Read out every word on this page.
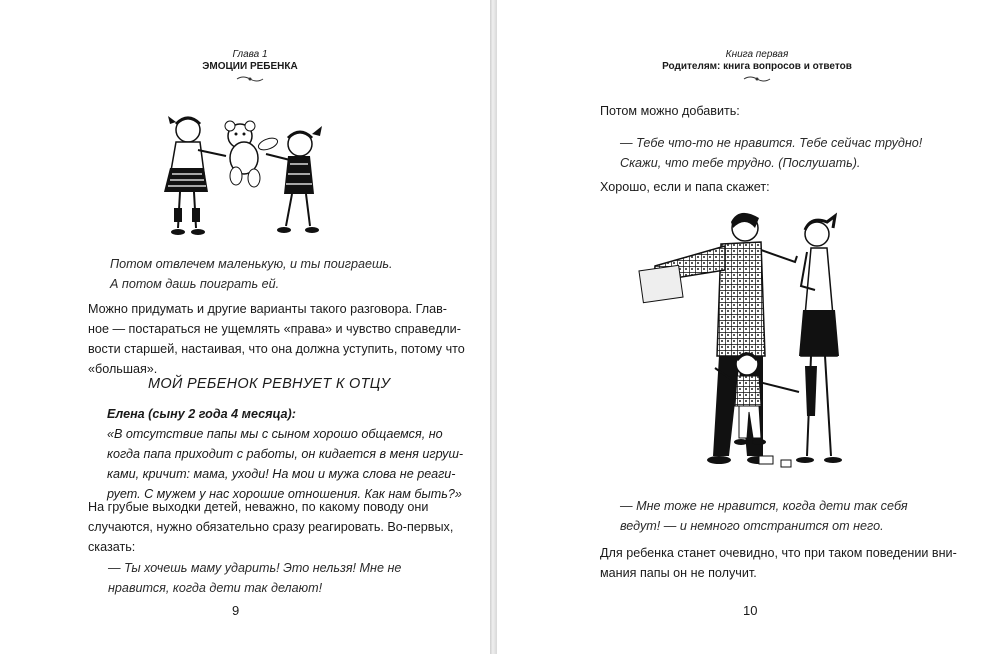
Глава 1
ЭМОЦИИ РЕБЕНКА

Потом отвлечем маленькую, и ты поиграешь.

А потом дашь поиграть ей.

Можно придумать и другие варианты такого разговора. Глав-

ное — постараться не ущемлять «права» и чувство справедли-

вости старшей, настаивая, что она должна уступить, потому что

«большая».

МОЙ РЕБЕНОК РЕВНУЕТ К ОТЦУ

Елена (сыну 2 года 4 месяца):

«В отсутствие папы мы с сыном хорошо общаемся, но

когда папа приходит с работы, он кидается в меня игруш-

ками, кричит: мама, уходи! На мои и мужа слова не реаги-

рует. С мужем у нас хорошие отношения. Как нам быть?»

На грубые выходки детей, неважно, по какому поводу они

случаются, нужно обязательно сразу реагировать. Во-первых,

сказать:

— Ты хочешь маму ударить! Это нельзя! Мне не

нравится, когда дети так делают!

9
Книга первая
Родителям: книга вопросов и ответов
Потом можно добавить:

— Тебе что-то не нравится. Тебе сейчас трудно!

Скажи, что тебе трудно. (Послушать).

Хорошо, если и папа скажет:

— Мне тоже не нравится, когда дети так себя

ведут! — и немного отстранится от него.

Для ребенка станет очевидно, что при таком поведении вни-

мания папы он не получит.

10
